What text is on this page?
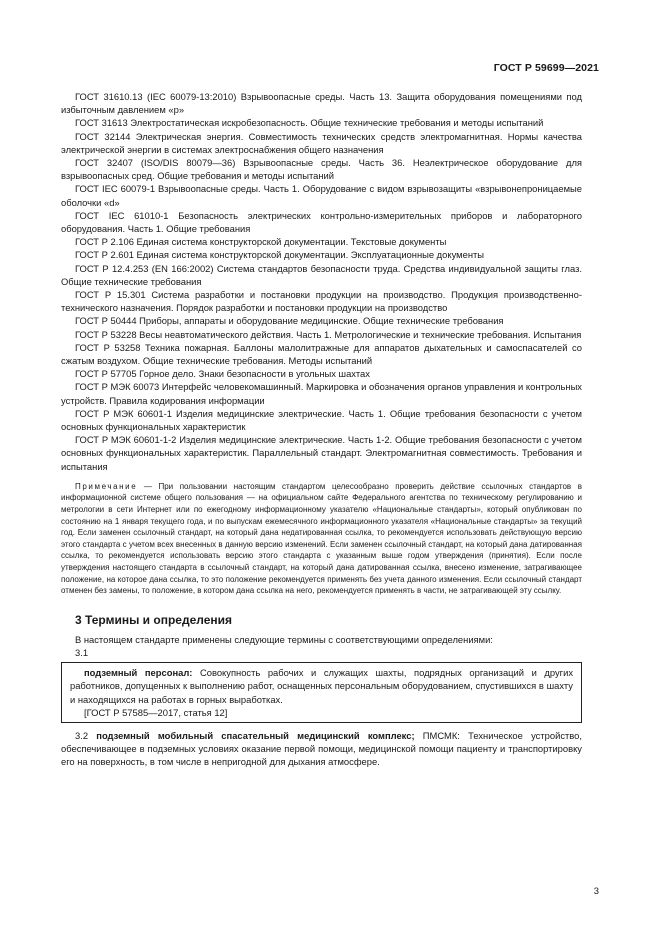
ГОСТ Р 59699—2021

ГОСТ 31610.13 (IEC 60079-13:2010) Взрывоопасные среды. Часть 13. Защита оборудования помещениями под избыточным давлением «р»

ГОСТ 31613 Электростатическая искробезопасность. Общие технические требования и методы испытаний

ГОСТ 32144 Электрическая энергия. Совместимость технических средств электромагнитная. Нормы качества электрической энергии в системах электроснабжения общего назначения

ГОСТ 32407 (ISO/DIS 80079—36) Взрывоопасные среды. Часть 36. Неэлектрическое оборудование для взрывоопасных сред. Общие требования и методы испытаний

ГОСТ IEC 60079-1 Взрывоопасные среды. Часть 1. Оборудование с видом взрывозащиты «взрывонепроницаемые оболочки «d»

ГОСТ IEC 61010-1 Безопасность электрических контрольно-измерительных приборов и лабораторного оборудования. Часть 1. Общие требования

ГОСТ Р 2.106 Единая система конструкторской документации. Текстовые документы

ГОСТ Р 2.601 Единая система конструкторской документации. Эксплуатационные документы

ГОСТ Р 12.4.253 (EN 166:2002) Система стандартов безопасности труда. Средства индивидуальной защиты глаз. Общие технические требования

ГОСТ Р 15.301 Система разработки и постановки продукции на производство. Продукция производственно-технического назначения. Порядок разработки и постановки продукции на производство

ГОСТ Р 50444 Приборы, аппараты и оборудование медицинские. Общие технические требования

ГОСТ Р 53228 Весы неавтоматического действия. Часть 1. Метрологические и технические требования. Испытания

ГОСТ Р 53258 Техника пожарная. Баллоны малолитражные для аппаратов дыхательных и самоспасателей со сжатым воздухом. Общие технические требования. Методы испытаний

ГОСТ Р 57705 Горное дело. Знаки безопасности в угольных шахтах

ГОСТ Р МЭК 60073 Интерфейс человекомашинный. Маркировка и обозначения органов управления и контрольных устройств. Правила кодирования информации

ГОСТ Р МЭК 60601-1 Изделия медицинские электрические. Часть 1. Общие требования безопасности с учетом основных функциональных характеристик

ГОСТ Р МЭК 60601-1-2 Изделия медицинские электрические. Часть 1-2. Общие требования безопасности с учетом основных функциональных характеристик. Параллельный стандарт. Электромагнитная совместимость. Требования и испытания

Примечание — При пользовании настоящим стандартом целесообразно проверить действие ссылочных стандартов в информационной системе общего пользования — на официальном сайте Федерального агентства по техническому регулированию и метрологии в сети Интернет или по ежегодному информационному указателю «Национальные стандарты», который опубликован по состоянию на 1 января текущего года, и по выпускам ежемесячного информационного указателя «Национальные стандарты» за текущий год. Если заменен ссылочный стандарт, на который дана недатированная ссылка, то рекомендуется использовать действующую версию этого стандарта с учетом всех внесенных в данную версию изменений. Если заменен ссылочный стандарт, на который дана датированная ссылка, то рекомендуется использовать версию этого стандарта с указанным выше годом утверждения (принятия). Если после утверждения настоящего стандарта в ссылочный стандарт, на который дана датированная ссылка, внесено изменение, затрагивающее положение, на которое дана ссылка, то это положение рекомендуется применять без учета данного изменения. Если ссылочный стандарт отменен без замены, то положение, в котором дана ссылка на него, рекомендуется применять в части, не затрагивающей эту ссылку.
3 Термины и определения
В настоящем стандарте применены следующие термины с соответствующими определениями:
3.1
подземный персонал: Совокупность рабочих и служащих шахты, подрядных организаций и других работников, допущенных к выполнению работ, оснащенных персональным оборудованием, спустившихся в шахту и находящихся на работах в горных выработках.
[ГОСТ Р 57585—2017, статья 12]
3.2 подземный мобильный спасательный медицинский комплекс; ПМСМК: Техническое устройство, обеспечивающее в подземных условиях оказание первой помощи, медицинской помощи пациенту и транспортировку его на поверхность, в том числе в непригодной для дыхания атмосфере.
3
